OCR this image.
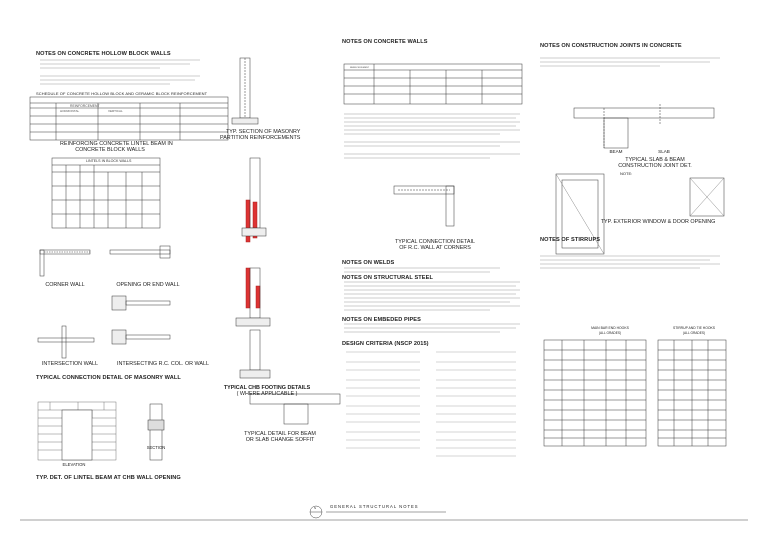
REINFORCEMENT
NOTES ON CONCRETE HOLLOW BLOCK WALLS
SCHEDULE OF CONCRETE HOLLOW BLOCK AND CERAMIC BLOCK REINFORCEMENT
REINFORCEMENT
HORIZONTAL	VERTICAL
REINFORCING CONCRETE LINTEL BEAM IN
CONCRETE BLOCK WALLS
LINTELS IN BLOCK WALLS
CORNER WALL	OPENING OR END WALL
INTERSECTION WALL	INTERSECTING R.C. COL. OR WALL
TYPICAL CONNECTION DETAIL OF MASONRY WALL
ELEVATION
SECTION
TYP. DET. OF LINTEL BEAM AT CHB WALL OPENING
TYP. SECTION OF MASONRY
PARTITION REINFORCEMENTS
TYPICAL CHB FOOTING DETAILS
( WHERE APPLICABLE )
TYPICAL DETAIL FOR BEAM
OR SLAB CHANGE SOFFIT
NOTES ON CONCRETE WALLS
TYPICAL CONNECTION DETAIL
OF R.C. WALL AT CORNERS
NOTES ON WELDS
NOTES ON STRUCTURAL STEEL
NOTES ON EMBEDED PIPES
DESIGN CRITERIA (NSCP 2015)
NOTES ON CONSTRUCTION JOINTS IN CONCRETE
BEAM	SLAB
TYPICAL SLAB & BEAM
CONSTRUCTION JOINT DET.
NOTE:
TYP. EXTERIOR WINDOW & DOOR OPENING
NOTES OF STIRRUPS
MAIN BAR END HOOKS
(ALL GRADES)
STIRRUP AND TIE HOOKS
(ALL GRADES)
GENERAL STRUCTURAL NOTES
S
